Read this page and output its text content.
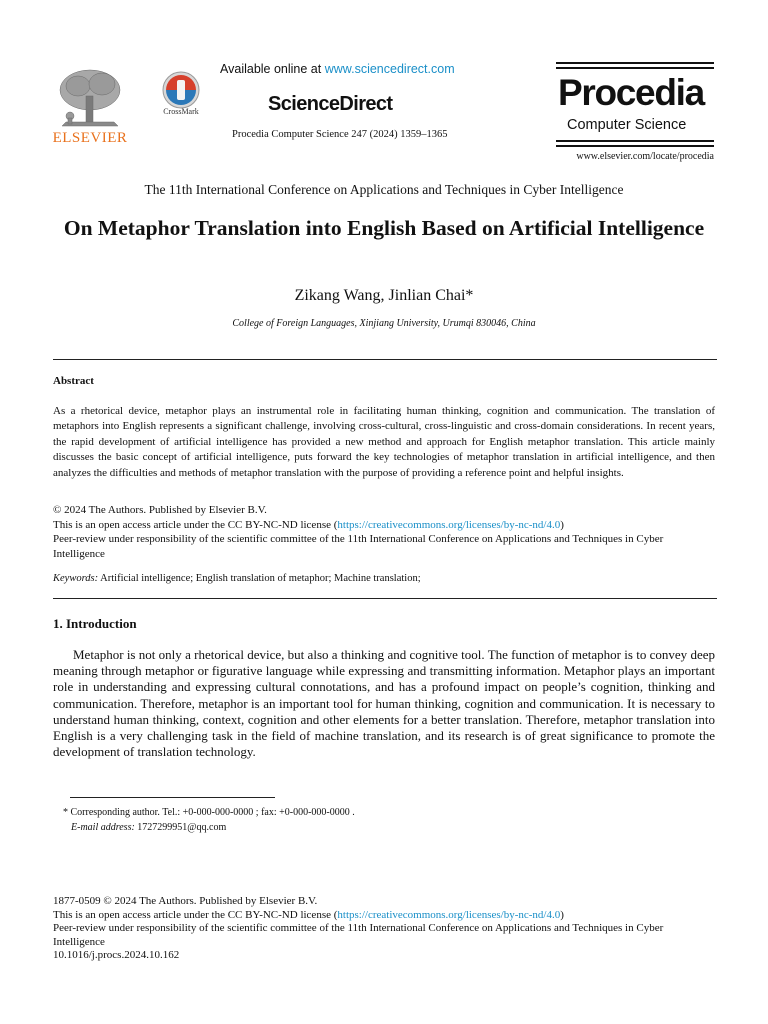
ELSEVIER
CrossMark
Available online at www.sciencedirect.com
ScienceDirect
Procedia Computer Science 247 (2024) 1359–1365
Procedia
Computer Science
www.elsevier.com/locate/procedia
The 11th International Conference on Applications and Techniques in Cyber Intelligence
On Metaphor Translation into English Based on Artificial Intelligence
Zikang Wang, Jinlian Chai*
College of Foreign Languages, Xinjiang University, Urumqi 830046, China
Abstract
As a rhetorical device, metaphor plays an instrumental role in facilitating human thinking, cognition and communication. The translation of metaphors into English represents a significant challenge, involving cross-cultural, cross-linguistic and cross-domain considerations. In recent years, the rapid development of artificial intelligence has provided a new method and approach for English metaphor translation. This article mainly discusses the basic concept of artificial intelligence, puts forward the key technologies of metaphor translation in artificial intelligence, and then analyzes the difficulties and methods of metaphor translation with the purpose of providing a reference point and helpful insights.
© 2024 The Authors. Published by Elsevier B.V.
This is an open access article under the CC BY-NC-ND license (https://creativecommons.org/licenses/by-nc-nd/4.0)
Peer-review under responsibility of the scientific committee of the 11th International Conference on Applications and Techniques in Cyber Intelligence
Keywords: Artificial intelligence; English translation of metaphor; Machine translation;
1. Introduction
Metaphor is not only a rhetorical device, but also a thinking and cognitive tool. The function of metaphor is to convey deep meaning through metaphor or figurative language while expressing and transmitting information. Metaphor plays an important role in understanding and expressing cultural connotations, and has a profound impact on people’s cognition, thinking and communication. Therefore, metaphor is an important tool for human thinking, cognition and communication. It is necessary to understand human thinking, context, cognition and other elements for a better translation. Therefore, metaphor translation into English is a very challenging task in the field of machine translation, and its research is of great significance to promote the development of translation technology.
* Corresponding author. Tel.: +0-000-000-0000 ; fax: +0-000-000-0000 .
E-mail address: 1727299951@qq.com
1877-0509 © 2024 The Authors. Published by Elsevier B.V.
This is an open access article under the CC BY-NC-ND license (https://creativecommons.org/licenses/by-nc-nd/4.0)
Peer-review under responsibility of the scientific committee of the 11th International Conference on Applications and Techniques in Cyber Intelligence
10.1016/j.procs.2024.10.162
